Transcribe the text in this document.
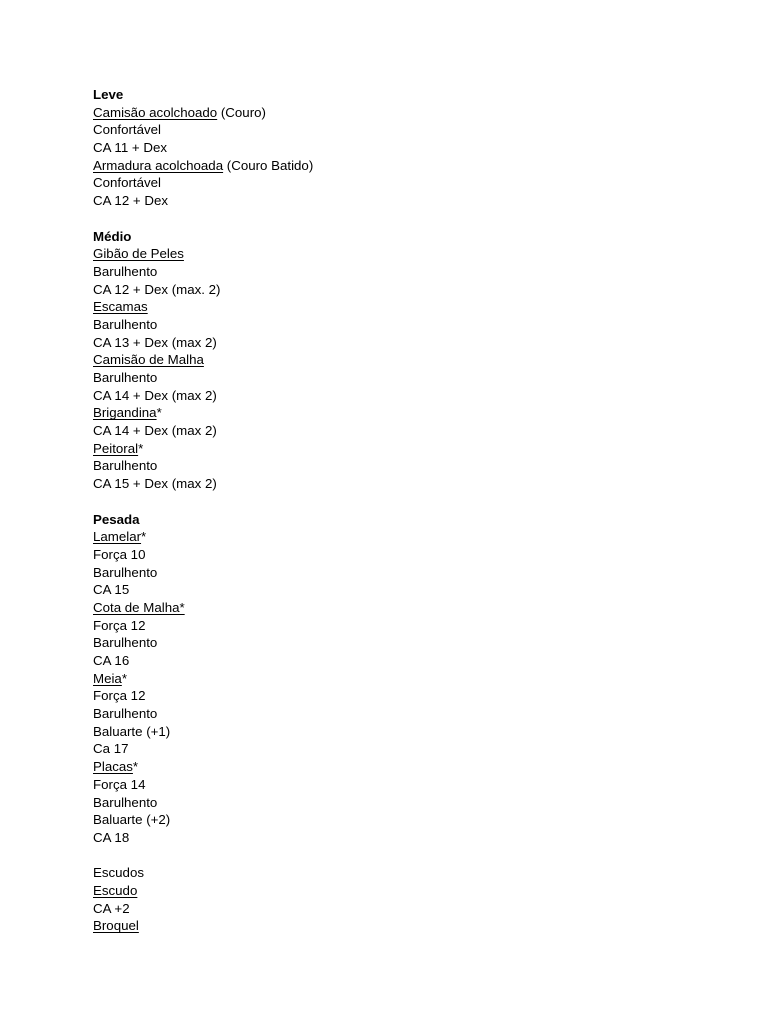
Leve
Camisão acolchoado (Couro)
Confortável
CA 11 + Dex
Armadura acolchoada (Couro Batido)
Confortável
CA 12 + Dex
Médio
Gibão de Peles
Barulhento
CA 12 + Dex (max. 2)
Escamas
Barulhento
CA 13 + Dex (max 2)
Camisão de Malha
Barulhento
CA 14 + Dex (max 2)
Brigandina*
CA 14 + Dex (max 2)
Peitoral*
Barulhento
CA 15 + Dex (max 2)
Pesada
Lamelar*
Força 10
Barulhento
CA 15
Cota de Malha*
Força 12
Barulhento
CA 16
Meia*
Força 12
Barulhento
Baluarte (+1)
Ca 17
Placas*
Força 14
Barulhento
Baluarte (+2)
CA 18
Escudos
Escudo
CA +2
Broquel
